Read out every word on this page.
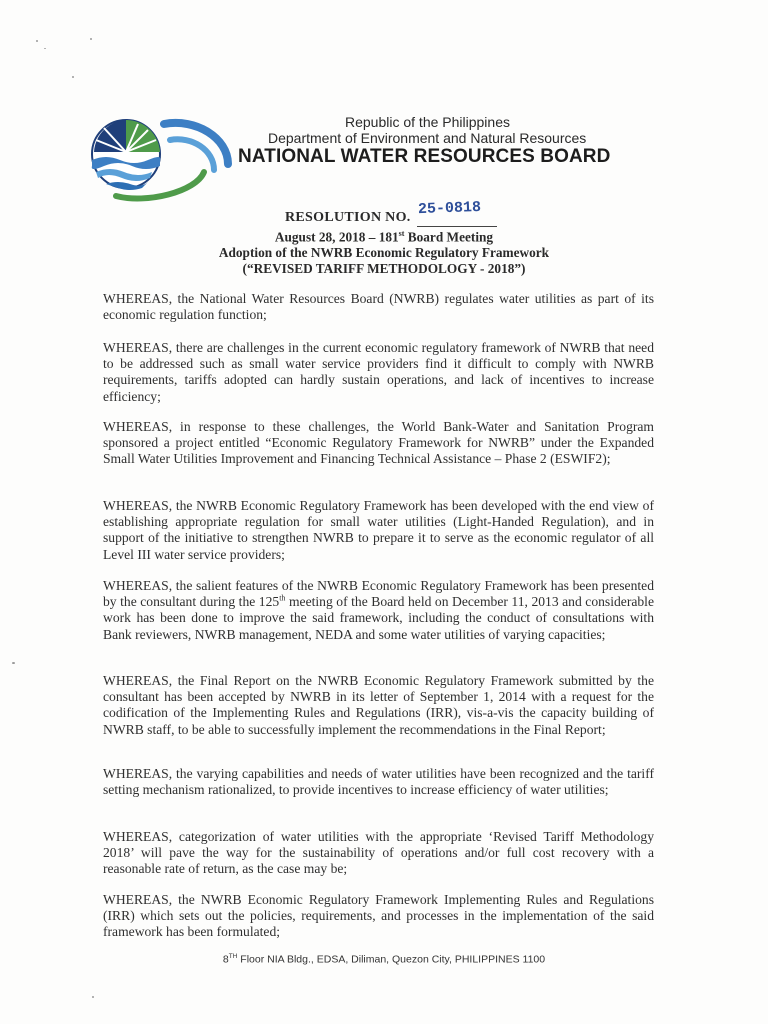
Republic of the Philippines
Department of Environment and Natural Resources
NATIONAL WATER RESOURCES BOARD
RESOLUTION NO. 25-0818
August 28, 2018 – 181st Board Meeting
Adoption of the NWRB Economic Regulatory Framework
(“REVISED TARIFF METHODOLOGY - 2018”)
WHEREAS, the National Water Resources Board (NWRB) regulates water utilities as part of its economic regulation function;
WHEREAS, there are challenges in the current economic regulatory framework of NWRB that need to be addressed such as small water service providers find it difficult to comply with NWRB requirements, tariffs adopted can hardly sustain operations, and lack of incentives to increase efficiency;
WHEREAS, in response to these challenges, the World Bank-Water and Sanitation Program sponsored a project entitled “Economic Regulatory Framework for NWRB” under the Expanded Small Water Utilities Improvement and Financing Technical Assistance – Phase 2 (ESWIF2);
WHEREAS, the NWRB Economic Regulatory Framework has been developed with the end view of establishing appropriate regulation for small water utilities (Light-Handed Regulation), and in support of the initiative to strengthen NWRB to prepare it to serve as the economic regulator of all Level III water service providers;
WHEREAS, the salient features of the NWRB Economic Regulatory Framework has been presented by the consultant during the 125th meeting of the Board held on December 11, 2013 and considerable work has been done to improve the said framework, including the conduct of consultations with Bank reviewers, NWRB management, NEDA and some water utilities of varying capacities;
WHEREAS, the Final Report on the NWRB Economic Regulatory Framework submitted by the consultant has been accepted by NWRB in its letter of September 1, 2014 with a request for the codification of the Implementing Rules and Regulations (IRR), vis-a-vis the capacity building of NWRB staff, to be able to successfully implement the recommendations in the Final Report;
WHEREAS, the varying capabilities and needs of water utilities have been recognized and the tariff setting mechanism rationalized, to provide incentives to increase efficiency of water utilities;
WHEREAS, categorization of water utilities with the appropriate ‘Revised Tariff Methodology 2018’ will pave the way for the sustainability of operations and/or full cost recovery with a reasonable rate of return, as the case may be;
WHEREAS, the NWRB Economic Regulatory Framework Implementing Rules and Regulations (IRR) which sets out the policies, requirements, and processes in the implementation of the said framework has been formulated;
8TH Floor NIA Bldg., EDSA, Diliman, Quezon City, PHILIPPINES 1100
